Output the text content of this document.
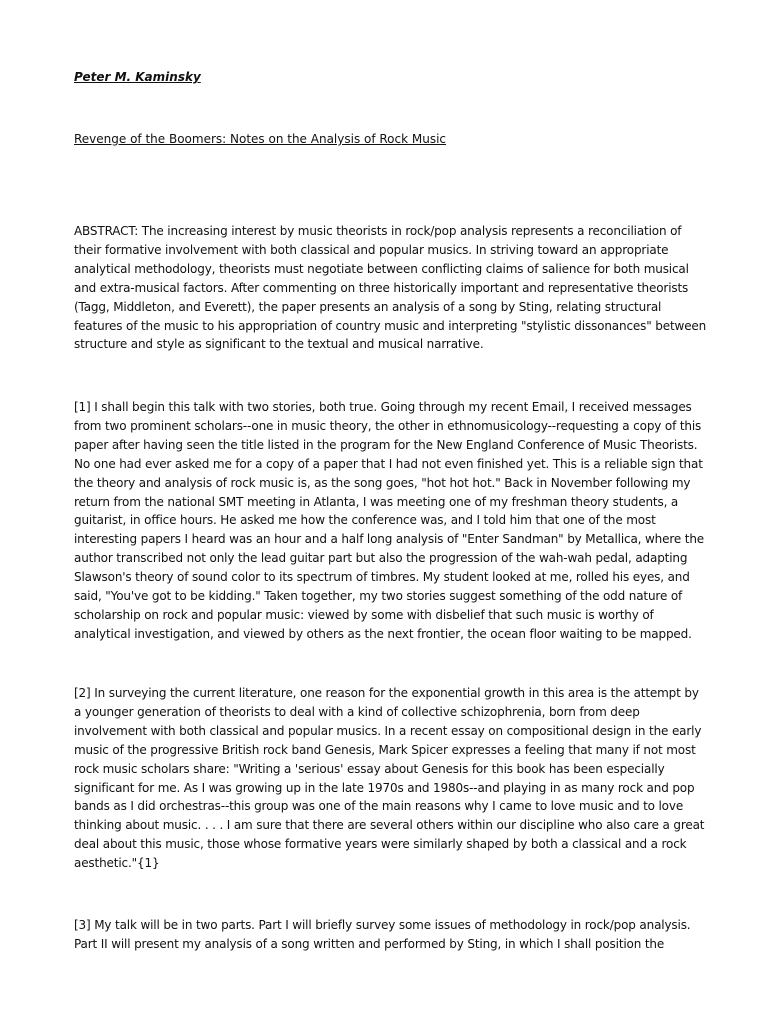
Peter M. Kaminsky
Revenge of the Boomers: Notes on the Analysis of Rock Music
ABSTRACT: The increasing interest by music theorists in rock/pop analysis represents a reconciliation of
their formative involvement with both classical and popular musics. In striving toward an appropriate
analytical methodology, theorists must negotiate between conflicting claims of salience for both musical
and extra-musical factors. After commenting on three historically important and representative theorists
(Tagg, Middleton, and Everett), the paper presents an analysis of a song by Sting, relating structural
features of the music to his appropriation of country music and interpreting "stylistic dissonances" between
structure and style as significant to the textual and musical narrative.
[1] I shall begin this talk with two stories, both true. Going through my recent Email, I received messages
from two prominent scholars--one in music theory, the other in ethnomusicology--requesting a copy of this
paper after having seen the title listed in the program for the New England Conference of Music Theorists.
No one had ever asked me for a copy of a paper that I had not even finished yet. This is a reliable sign that
the theory and analysis of rock music is, as the song goes, "hot hot hot." Back in November following my
return from the national SMT meeting in Atlanta, I was meeting one of my freshman theory students, a
guitarist, in office hours. He asked me how the conference was, and I told him that one of the most
interesting papers I heard was an hour and a half long analysis of "Enter Sandman" by Metallica, where the
author transcribed not only the lead guitar part but also the progression of the wah-wah pedal, adapting
Slawson's theory of sound color to its spectrum of timbres. My student looked at me, rolled his eyes, and
said, "You've got to be kidding." Taken together, my two stories suggest something of the odd nature of
scholarship on rock and popular music: viewed by some with disbelief that such music is worthy of
analytical investigation, and viewed by others as the next frontier, the ocean floor waiting to be mapped.
[2] In surveying the current literature, one reason for the exponential growth in this area is the attempt by
a younger generation of theorists to deal with a kind of collective schizophrenia, born from deep
involvement with both classical and popular musics. In a recent essay on compositional design in the early
music of the progressive British rock band Genesis, Mark Spicer expresses a feeling that many if not most
rock music scholars share: "Writing a 'serious' essay about Genesis for this book has been especially
significant for me. As I was growing up in the late 1970s and 1980s--and playing in as many rock and pop
bands as I did orchestras--this group was one of the main reasons why I came to love music and to love
thinking about music. . . . I am sure that there are several others within our discipline who also care a great
deal about this music, those whose formative years were similarly shaped by both a classical and a rock
aesthetic."{1}
[3] My talk will be in two parts. Part I will briefly survey some issues of methodology in rock/pop analysis.
Part II will present my analysis of a song written and performed by Sting, in which I shall position the
